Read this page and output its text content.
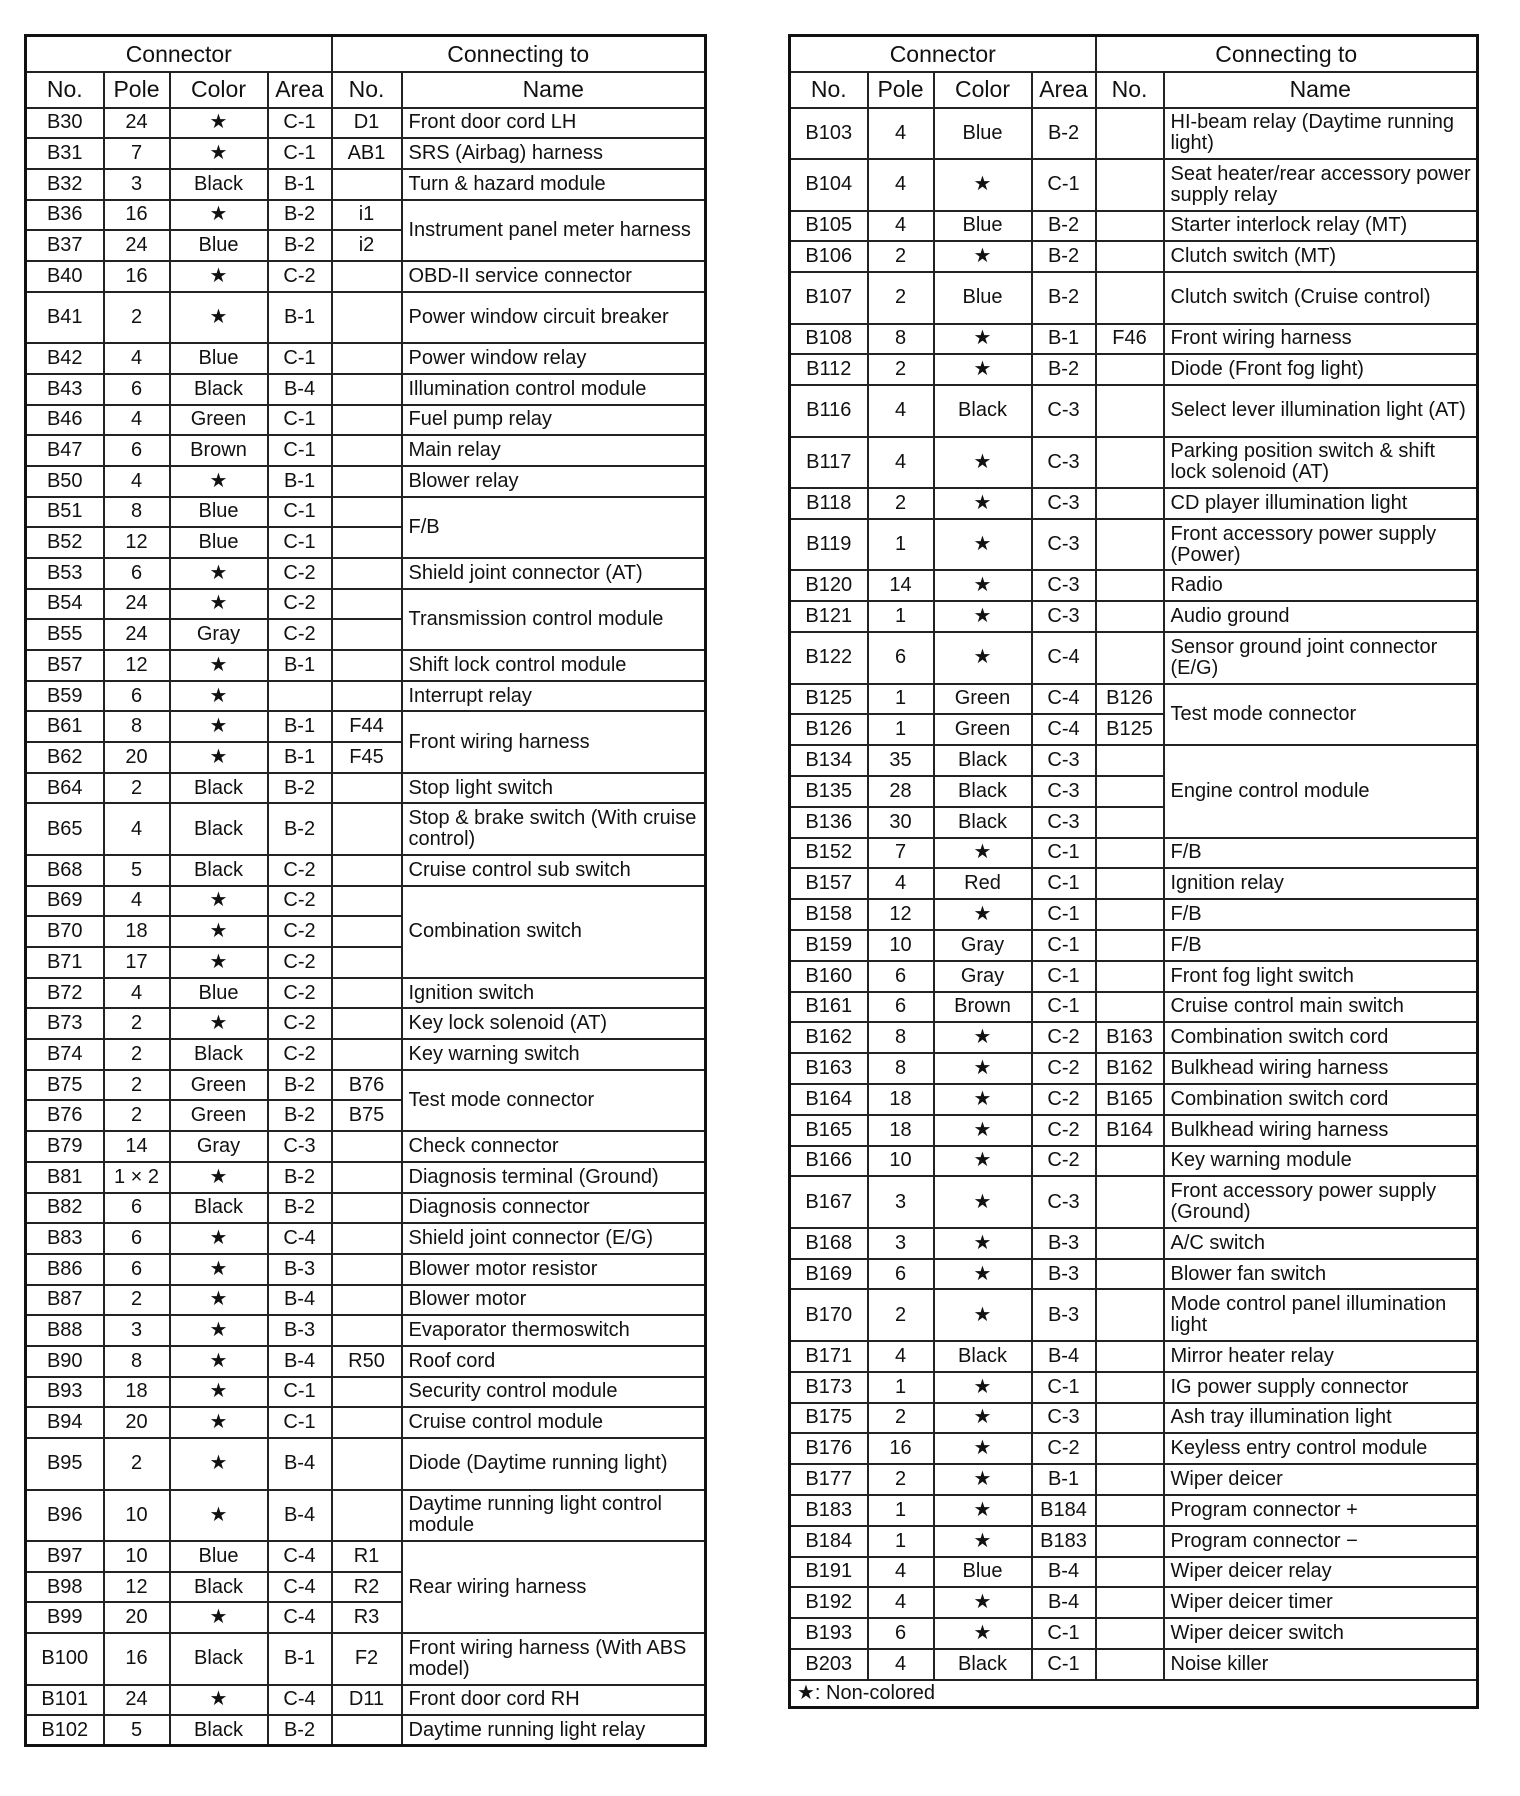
Connector				Connecting to	
No.	Pole	Color	Area	No.	Name
B30	24	★	C-1	D1	Front door cord LH
B31	7	★	C-1	AB1	SRS (Airbag) harness
B32	3	Black	B-1		Turn & hazard module
B36	16	★	B-2	i1	Instrument panel meter harness
B37	24	Blue	B-2	i2	
B40	16	★	C-2		OBD-II service connector
B41	2	★	B-1		Power window circuit breaker
B42	4	Blue	C-1		Power window relay
B43	6	Black	B-4		Illumination control module
B46	4	Green	C-1		Fuel pump relay
B47	6	Brown	C-1		Main relay
B50	4	★	B-1		Blower relay
B51	8	Blue	C-1		F/B
B52	12	Blue	C-1		
B53	6	★	C-2		Shield joint connector (AT)
B54	24	★	C-2		Transmission control module
B55	24	Gray	C-2		
B57	12	★	B-1		Shift lock control module
B59	6	★			Interrupt relay
B61	8	★	B-1	F44	Front wiring harness
B62	20	★	B-1	F45	
B64	2	Black	B-2		Stop light switch
B65	4	Black	B-2		Stop & brake switch (With cruise control)
B68	5	Black	C-2		Cruise control sub switch
B69	4	★	C-2		Combination switch
B70	18	★	C-2		
B71	17	★	C-2		
B72	4	Blue	C-2		Ignition switch
B73	2	★	C-2		Key lock solenoid (AT)
B74	2	Black	C-2		Key warning switch
B75	2	Green	B-2	B76	Test mode connector
B76	2	Green	B-2	B75	
B79	14	Gray	C-3		Check connector
B81	1 × 2	★	B-2		Diagnosis terminal (Ground)
B82	6	Black	B-2		Diagnosis connector
B83	6	★	C-4		Shield joint connector (E/G)
B86	6	★	B-3		Blower motor resistor
B87	2	★	B-4		Blower motor
B88	3	★	B-3		Evaporator thermoswitch
B90	8	★	B-4	R50	Roof cord
B93	18	★	C-1		Security control module
B94	20	★	C-1		Cruise control module
B95	2	★	B-4		Diode (Daytime running light)
B96	10	★	B-4		Daytime running light control module
B97	10	Blue	C-4	R1	Rear wiring harness
B98	12	Black	C-4	R2	
B99	20	★	C-4	R3	
B100	16	Black	B-1	F2	Front wiring harness (With ABS model)
B101	24	★	C-4	D11	Front door cord RH
B102	5	Black	B-2		Daytime running light relay
Connector				Connecting to	
No.	Pole	Color	Area	No.	Name
B103	4	Blue	B-2		HI-beam relay (Daytime running light)
B104	4	★	C-1		Seat heater/rear accessory power supply relay
B105	4	Blue	B-2		Starter interlock relay (MT)
B106	2	★	B-2		Clutch switch (MT)
B107	2	Blue	B-2		Clutch switch (Cruise control)
B108	8	★	B-1	F46	Front wiring harness
B112	2	★	B-2		Diode (Front fog light)
B116	4	Black	C-3		Select lever illumination light (AT)
B117	4	★	C-3		Parking position switch & shift lock solenoid (AT)
B118	2	★	C-3		CD player illumination light
B119	1	★	C-3		Front accessory power supply (Power)
B120	14	★	C-3		Radio
B121	1	★	C-3		Audio ground
B122	6	★	C-4		Sensor ground joint connector (E/G)
B125	1	Green	C-4	B126	Test mode connector
B126	1	Green	C-4	B125	
B134	35	Black	C-3		Engine control module
B135	28	Black	C-3		
B136	30	Black	C-3		
B152	7	★	C-1		F/B
B157	4	Red	C-1		Ignition relay
B158	12	★	C-1		F/B
B159	10	Gray	C-1		F/B
B160	6	Gray	C-1		Front fog light switch
B161	6	Brown	C-1		Cruise control main switch
B162	8	★	C-2	B163	Combination switch cord
B163	8	★	C-2	B162	Bulkhead wiring harness
B164	18	★	C-2	B165	Combination switch cord
B165	18	★	C-2	B164	Bulkhead wiring harness
B166	10	★	C-2		Key warning module
B167	3	★	C-3		Front accessory power supply (Ground)
B168	3	★	B-3		A/C switch
B169	6	★	B-3		Blower fan switch
B170	2	★	B-3		Mode control panel illumination light
B171	4	Black	B-4		Mirror heater relay
B173	1	★	C-1		IG power supply connector
B175	2	★	C-3		Ash tray illumination light
B176	16	★	C-2		Keyless entry control module
B177	2	★	B-1		Wiper deicer
B183	1	★	B184		Program connector +
B184	1	★	B183		Program connector −
B191	4	Blue	B-4		Wiper deicer relay
B192	4	★	B-4		Wiper deicer timer
B193	6	★	C-1		Wiper deicer switch
B203	4	Black	C-1		Noise killer
★: Non-colored					
